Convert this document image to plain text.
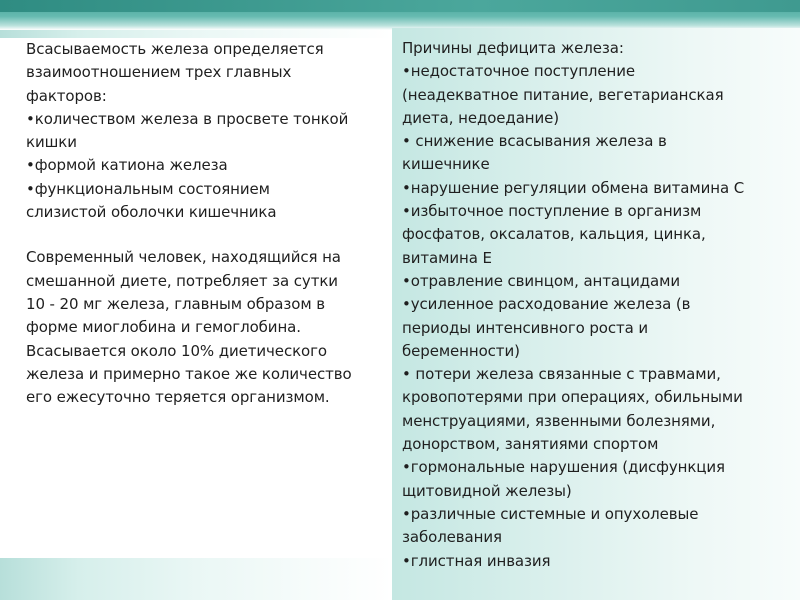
Всасываемость железа определяется
взаимоотношением трех главных
факторов:
•количеством железа в просвете тонкой
кишки
•формой катиона железа
•функциональным состоянием
слизистой оболочки кишечника
Современный человек, находящийся на
смешанной диете, потребляет за сутки
10 - 20 мг железа, главным образом в
форме миоглобина и гемоглобина.
Всасывается около 10% диетического
железа и примерно такое же количество
его ежесуточно теряется организмом.
Причины дефицита железа:
•недостаточное поступление
(неадекватное питание, вегетарианская
диета, недоедание)
• снижение всасывания железа в
кишечнике
•нарушение регуляции обмена витамина С
•избыточное поступление в организм
фосфатов, оксалатов, кальция, цинка,
витамина Е
•отравление свинцом, антацидами
•усиленное расходование железа (в
периоды интенсивного роста и
беременности)
• потери железа связанные с травмами,
кровопотерями при операциях, обильными
менструациями, язвенными болезнями,
донорством, занятиями спортом
•гормональные нарушения (дисфункция
щитовидной железы)
•различные системные и опухолевые
заболевания
•глистная инвазия
